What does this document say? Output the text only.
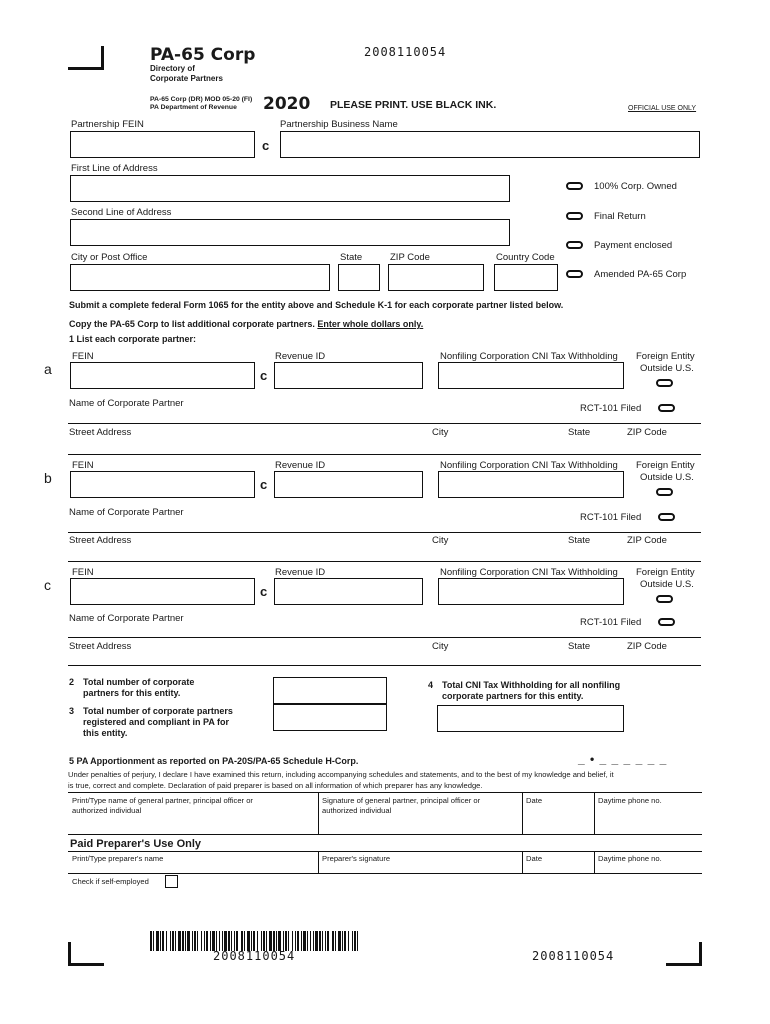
PA-65 Corp
Directory of
Corporate Partners
2008110054
PA-65 Corp (DR) MOD 05-20 (FI)
PA Department of Revenue 2020 PLEASE PRINT. USE BLACK INK.	OFFICIAL USE ONLY
Partnership FEIN
c
Partnership Business Name
First Line of Address
Second Line of Address
City or Post Office	State	ZIP Code	Country Code
100% Corp. Owned
Final Return
Payment enclosed
Amended PA-65 Corp
Submit a complete federal Form 1065 for the entity above and Schedule K-1 for each corporate partner listed below.
Copy the PA-65 Corp to list additional corporate partners. Enter whole dollars only.
1 List each corporate partner:
a
FEIN
c
Revenue ID	Nonfiling Corporation CNI Tax Withholding Foreign Entity
Outside U.S.
Name of Corporate Partner	RCT-101 Filed
Street Address	City	State	ZIP Code
b
FEIN
c
Revenue ID	Nonfiling Corporation CNI Tax Withholding Foreign Entity
Outside U.S.
Name of Corporate Partner	RCT-101 Filed
Street Address	City	State	ZIP Code
c
FEIN
c
Revenue ID	Nonfiling Corporation CNI Tax Withholding Foreign Entity
Outside U.S.
Name of Corporate Partner	RCT-101 Filed
Street Address	City	State	ZIP Code
2 Total number of corporate
partners for this entity.
3 Total number of corporate partners
registered and compliant in PA for
this entity.
4 Total CNI Tax Withholding for all nonfiling
corporate partners for this entity.
5 PA Apportionment as reported on PA-20S/PA-65 Schedule H-Corp.	_ • _ _ _ _ _ _
Under penalties of perjury, I declare I have examined this return, including accompanying schedules and statements, and to the best of my knowledge and belief, it
is true, correct and complete. Declaration of paid preparer is based on all information of which preparer has any knowledge.
Print/Type name of general partner, principal officer or
authorized individual
Signature of general partner, principal officer or
authorized individual
Date	Daytime phone no.
Paid Preparer's Use Only
Print/Type preparer's name	Preparer's signature	Date	Daytime phone no.
Check if self-employed
2008110054	2008110054
